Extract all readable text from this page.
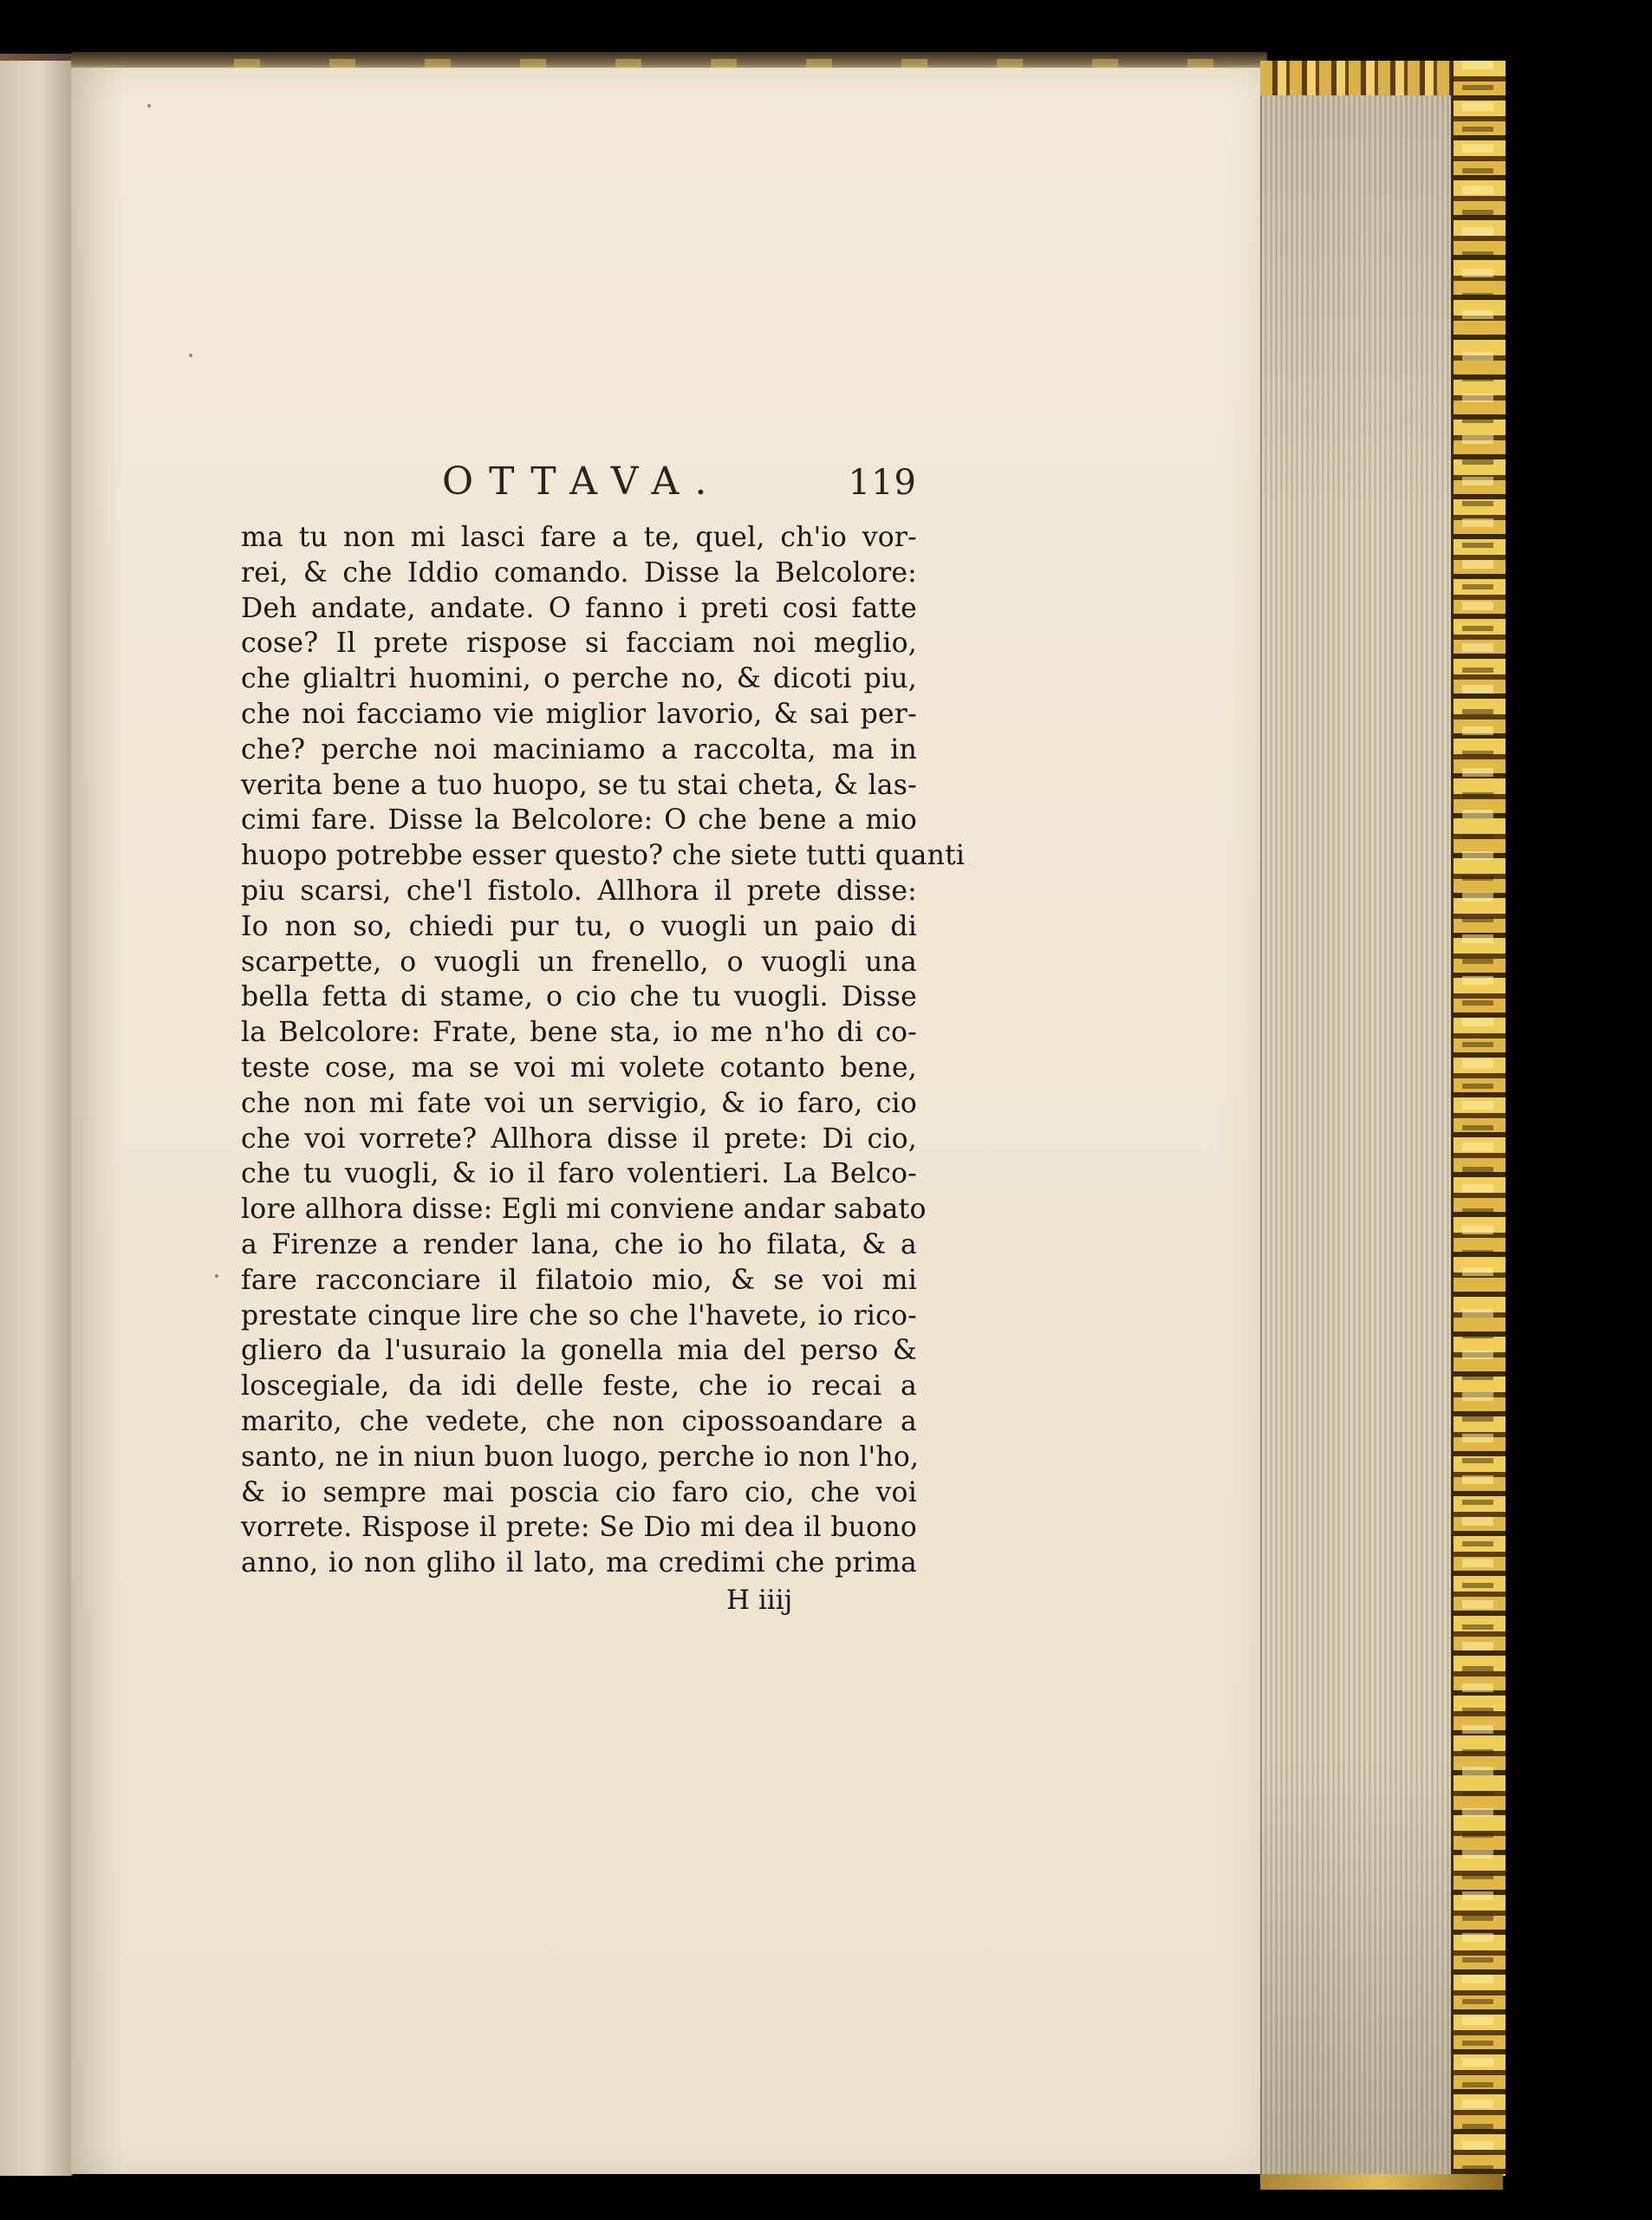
OTTAVA.	119
ma tu non mi lasci fare a te, quel, ch'io vor-
rei, & che Iddio comando. Disse la Belcolore:
Deh andate, andate. O fanno i preti cosi fatte
cose? Il prete rispose si facciam noi meglio,
che glialtri huomini, o perche no, & dicoti piu,
che noi facciamo vie miglior lavorio, & sai per-
che? perche noi maciniamo a raccolta, ma in
verita bene a tuo huopo, se tu stai cheta, & las-
cimi fare. Disse la Belcolore: O che bene a mio
huopo potrebbe esser questo? che siete tutti quanti
piu scarsi, che'l fistolo. Allhora il prete disse:
Io non so, chiedi pur tu, o vuogli un paio di
scarpette, o vuogli un frenello, o vuogli una
bella fetta di stame, o cio che tu vuogli. Disse
la Belcolore: Frate, bene sta, io me n'ho di co-
teste cose, ma se voi mi volete cotanto bene,
che non mi fate voi un servigio, & io faro, cio
che voi vorrete? Allhora disse il prete: Di cio,
che tu vuogli, & io il faro volentieri. La Belco-
lore allhora disse: Egli mi conviene andar sabato
a Firenze a render lana, che io ho filata, & a
fare racconciare il filatoio mio, & se voi mi
prestate cinque lire che so che l'havete, io rico-
gliero da l'usuraio la gonella mia del perso &
loscegiale, da idi delle feste, che io recai a
marito, che vedete, che non cipossoandare a
santo, ne in niun buon luogo, perche io non l'ho,
& io sempre mai poscia cio faro cio, che voi
vorrete. Rispose il prete: Se Dio mi dea il buono
anno, io non gliho il lato, ma credimi che prima
H iiij
